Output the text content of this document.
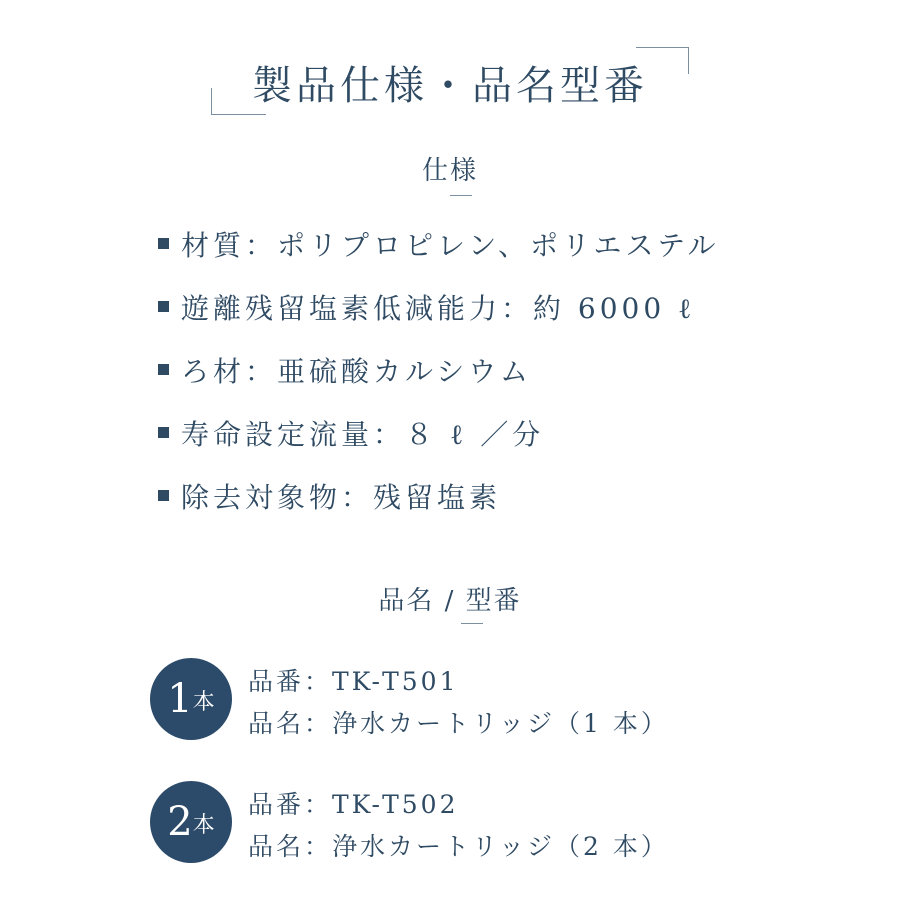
製品仕様・品名型番
仕様
材質：ポリプロピレン、ポリエステル
遊離残留塩素低減能力：約 6000 ℓ
ろ材：亜硫酸カルシウム
寿命設定流量：８ ℓ ／分
除去対象物：残留塩素
品名 / 型番
1 本
品番：TK-T501
品名：浄水カートリッジ（1 本）
2 本
品番：TK-T502
品名：浄水カートリッジ（2 本）
